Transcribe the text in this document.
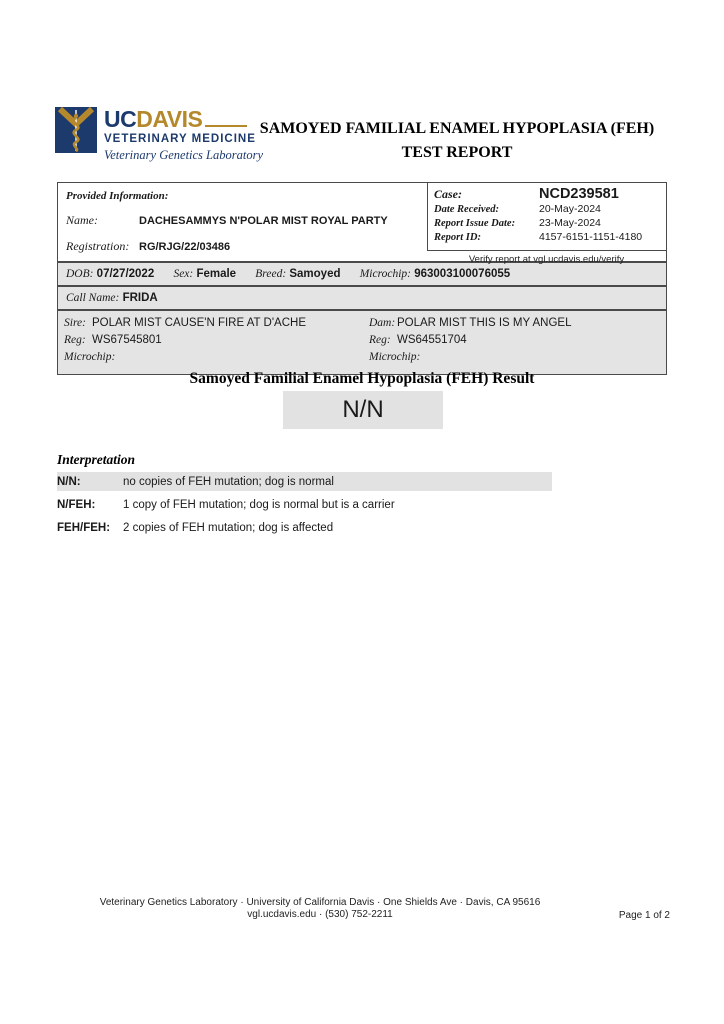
UC DAVIS
VETERINARY MEDICINE
Veterinary Genetics Laboratory
SAMOYED FAMILIAL ENAMEL HYPOPLASIA (FEH)
TEST REPORT
Provided Information:
Name:	DACHESAMMYS N'POLAR MIST ROYAL PARTY
Registration: RG/RJG/22/03486
Case:	NCD239581
Date Received:	20-May-2024
Report Issue Date:	23-May-2024
Report ID:	4157-6151-1151-4180
Verify report at vgl.ucdavis.edu/verify
DOB: 07/27/2022 Sex: Female Breed: Samoyed Microchip: 963003100076055
Call Name: FRIDA
Sire: POLAR MIST CAUSE'N FIRE AT D'ACHE
Reg: WS67545801
Microchip:
Dam: POLAR MIST THIS IS MY ANGEL
Reg: WS64551704
Microchip:
Samoyed Familial Enamel Hypoplasia (FEH) Result
N/N
Interpretation
N/N:	no copies of FEH mutation; dog is normal
N/FEH:	1 copy of FEH mutation; dog is normal but is a carrier
FEH/FEH:	2 copies of FEH mutation; dog is affected
Veterinary Genetics Laboratory · University of California Davis · One Shields Ave · Davis, CA 95616
vgl.ucdavis.edu · (530) 752-2211	Page 1 of 2
